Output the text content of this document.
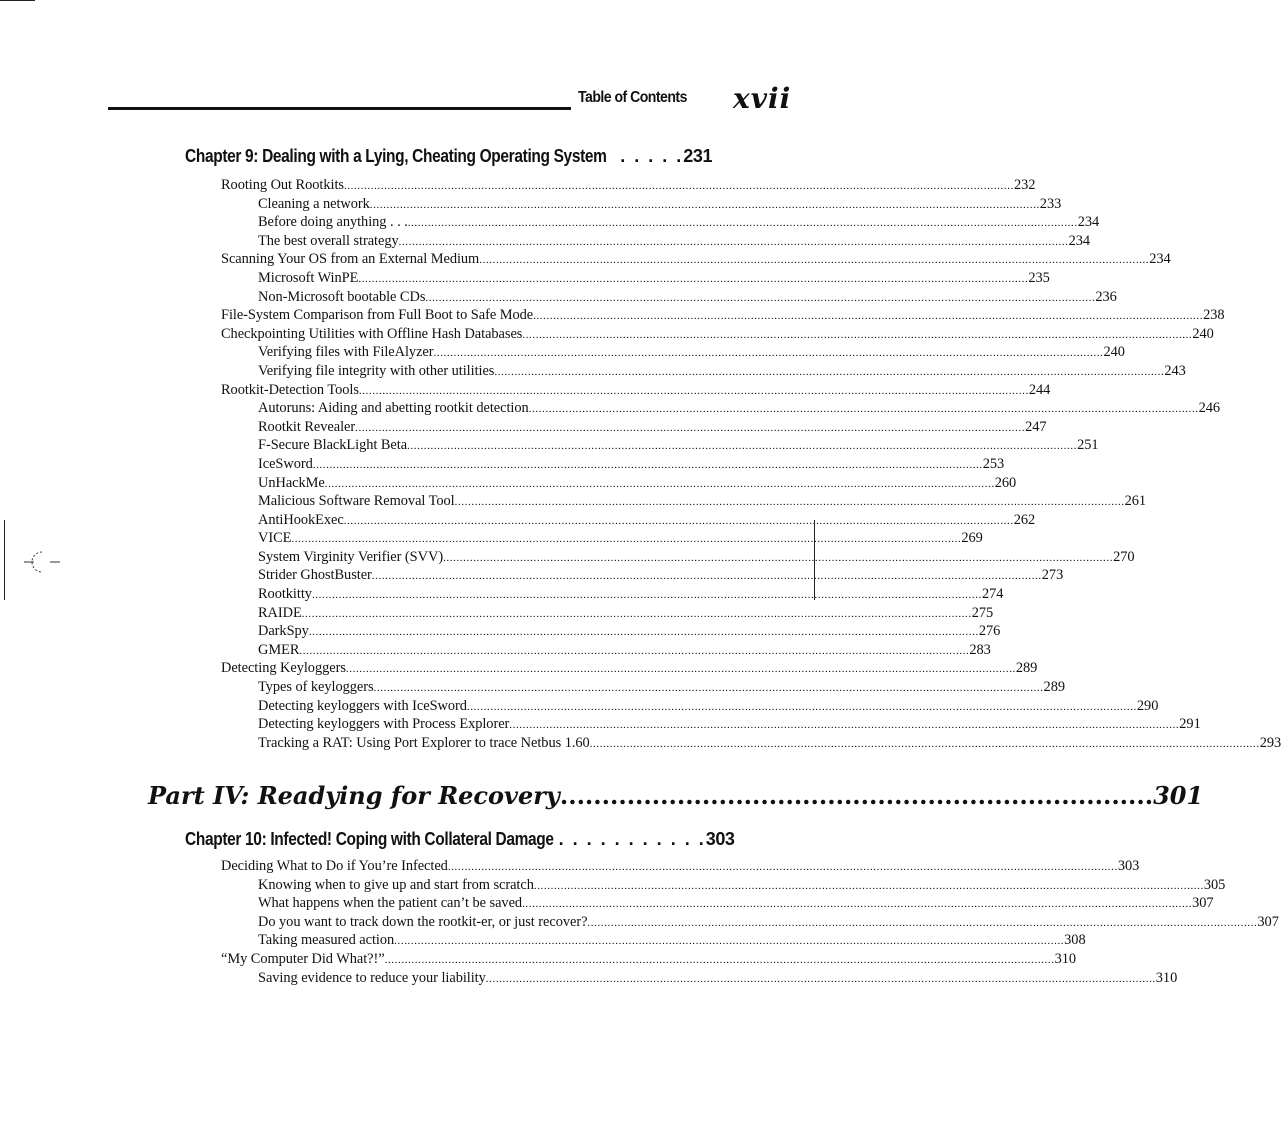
Table of Contents xvii
Chapter 9: Dealing with a Lying, Cheating Operating System . . . . . 231
Rooting Out Rootkits ........................................................................................................................................................................................................ 232
Cleaning a network ........................................................................................................................................................................................................ 233
Before doing anything . . . ........................................................................................................................................................................................................ 234
The best overall strategy ........................................................................................................................................................................................................ 234
Scanning Your OS from an External Medium ........................................................................................................................................................................................................ 234
Microsoft WinPE ........................................................................................................................................................................................................ 235
Non-Microsoft bootable CDs ........................................................................................................................................................................................................ 236
File-System Comparison from Full Boot to Safe Mode ........................................................................................................................................................................................................ 238
Checkpointing Utilities with Offline Hash Databases ........................................................................................................................................................................................................ 240
Verifying files with FileAlyzer ........................................................................................................................................................................................................ 240
Verifying file integrity with other utilities ........................................................................................................................................................................................................ 243
Rootkit-Detection Tools ........................................................................................................................................................................................................ 244
Autoruns: Aiding and abetting rootkit detection ........................................................................................................................................................................................................ 246
Rootkit Revealer ........................................................................................................................................................................................................ 247
F-Secure BlackLight Beta ........................................................................................................................................................................................................ 251
IceSword ........................................................................................................................................................................................................ 253
UnHackMe ........................................................................................................................................................................................................ 260
Malicious Software Removal Tool ........................................................................................................................................................................................................ 261
AntiHookExec ........................................................................................................................................................................................................ 262
VICE ........................................................................................................................................................................................................ 269
System Virginity Verifier (SVV) ........................................................................................................................................................................................................ 270
Strider GhostBuster ........................................................................................................................................................................................................ 273
Rootkitty ........................................................................................................................................................................................................ 274
RAIDE ........................................................................................................................................................................................................ 275
DarkSpy ........................................................................................................................................................................................................ 276
GMER ........................................................................................................................................................................................................ 283
Detecting Keyloggers ........................................................................................................................................................................................................ 289
Types of keyloggers ........................................................................................................................................................................................................ 289
Detecting keyloggers with IceSword ........................................................................................................................................................................................................ 290
Detecting keyloggers with Process Explorer ........................................................................................................................................................................................................ 291
Tracking a RAT: Using Port Explorer to trace Netbus 1.60 ........................................................................................................................................................................................................ 293
Part IV: Readying for Recovery ....................................................................... 301
Chapter 10: Infected! Coping with Collateral Damage . . . . . . . . . . . 303
Deciding What to Do if You’re Infected ........................................................................................................................................................................................................ 303
Knowing when to give up and start from scratch ........................................................................................................................................................................................................ 305
What happens when the patient can’t be saved ........................................................................................................................................................................................................ 307
Do you want to track down the rootkit-er, or just recover? ........................................................................................................................................................................................................ 307
Taking measured action ........................................................................................................................................................................................................ 308
“My Computer Did What?!” ........................................................................................................................................................................................................ 310
Saving evidence to reduce your liability ........................................................................................................................................................................................................ 310
